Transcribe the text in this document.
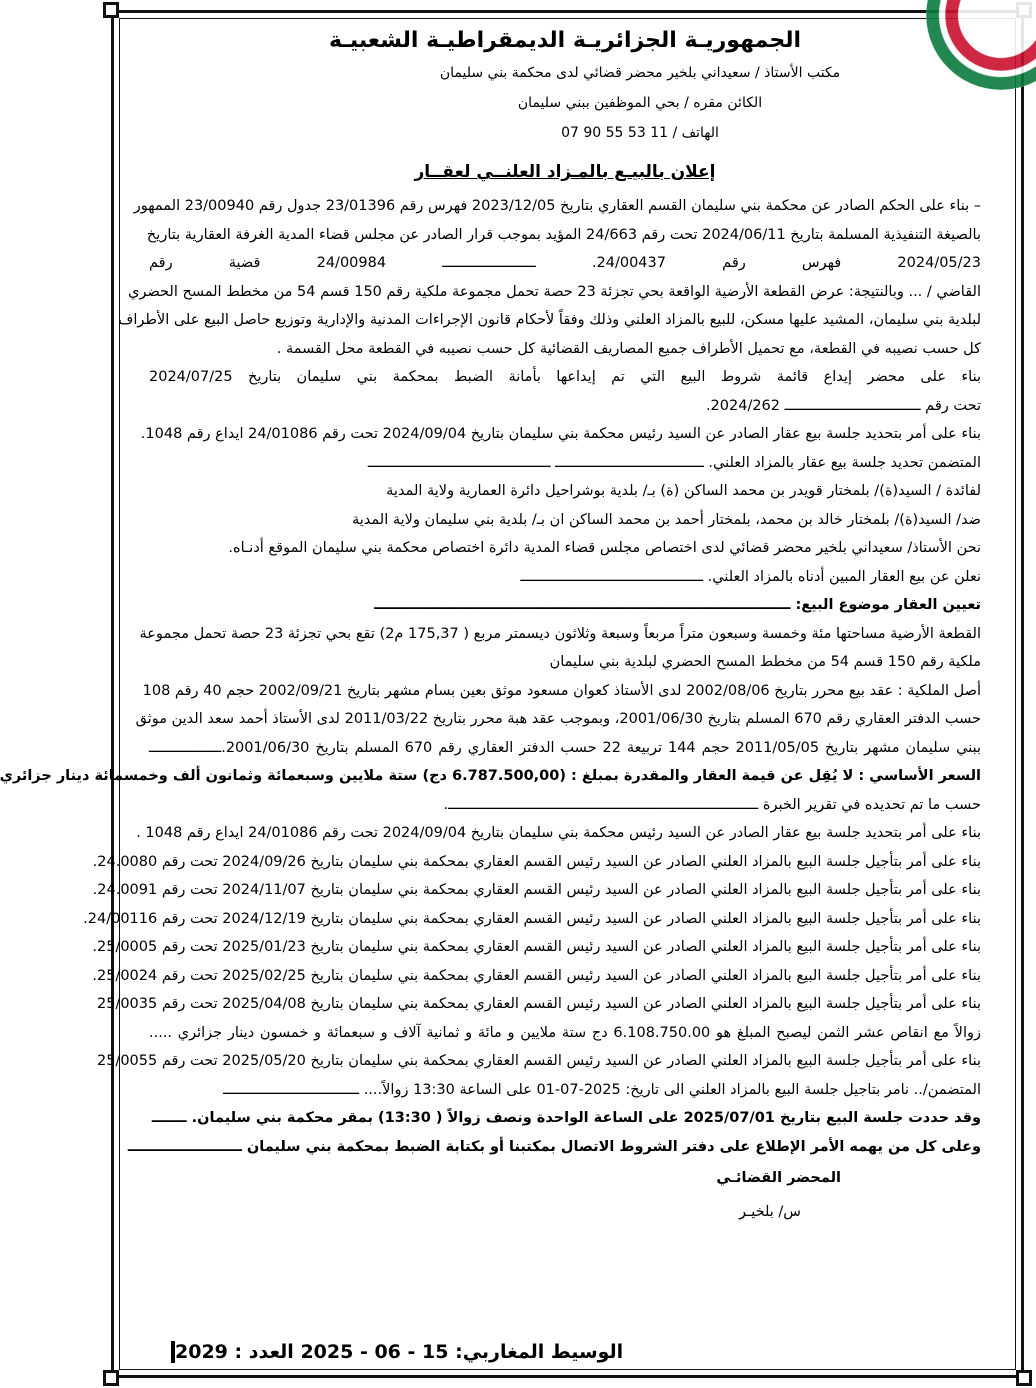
الجمهوريـة الجزائريـة الديمقراطيـة الشعبيـة
مكتب الأستاذ / سعيداني بلخير محضر قضائي لدى محكمة بني سليمان
الكائن مقره / بحي الموظفين ببني سليمان
الهاتف / 11 53 55 90 07
إعلان بالبيـع بالمـزاد العلنــي لعقــار
– بناء على الحكم الصادر عن محكمة بني سليمان القسم العقاري بتاريخ 2023/12/05 فهرس رقم 23/01396 جدول رقم 23/00940 الممهور
بالصيغة التنفيذية المسلمة بتاريخ 2024/06/11 تحت رقم 24/663 المؤيد بموجب قرار الصادر عن مجلس قضاء المدية الغرفة العقارية بتاريخ
2024/05/23 فهرس رقم 24/00437. ــــــــــــــــــــــ 24/00984 قضية رقم
القاضي / ... وبالنتيجة: عرض القطعة الأرضية الواقعة بحي تجزئة 23 حصة تحمل مجموعة ملكية رقم 150 قسم 54 من مخطط المسح الحضري
لبلدية بني سليمان، المشيد عليها مسكن، للبيع بالمزاد العلني وذلك وفقاً لأحكام قانون الإجراءات المدنية والإدارية وتوزيع حاصل البيع على الأطراف
كل حسب نصيبه في القطعة، مع تحميل الأطراف جميع المصاريف القضائية كل حسب نصيبه في القطعة محل القسمة .
بناء على محضر إيداع قائمة شروط البيع التي تم إيداعها بأمانة الضبط بمحكمة بني سليمان بتاريخ 2024/07/25
تحت رقم ــــــــــــــــــــــــــــــــ 2024/262.
بناء على أمر بتحديد جلسة بيع عقار الصادر عن السيد رئيس محكمة بني سليمان بتاريخ 2024/09/04 تحت رقم 24/01086 ايداع رقم 1048.
المتضمن تحديد جلسة بيع عقار بالمزاد العلني. ـــــــــــــــــــــــــــــــــــ ـــــــــــــــــــــــــــــــــــــــــــ
لفائدة / السيد(ة)/ بلمختار قويدر بن محمد الساكن (ة) بـ/ بلدية بوشراحيل دائرة العمارية ولاية المدية
ضد/ السيد(ة)/ بلمختار خالد بن محمد، بلمختار أحمد بن محمد الساكن ان بـ/ بلدية بني سليمان ولاية المدية
نحن الأستاذ/ سعيداني بلخير محضر قضائي لدى اختصاص مجلس قضاء المدية دائرة اختصاص محكمة بني سليمان الموقع أدنـاه.
نعلن عن بيع العقار المبين أدناه بالمزاد العلني. ـــــــــــــــــــــــــــــــــــــــــــ
تعيين العقار موضوع البيع: ــــــــــــــــــــــــــــــــــــــــــــــــــــــــــــــــــــــــــــــــــــ
القطعة الأرضية مساحتها مئة وخمسة وسبعون متراً مربعاً وسبعة وثلاثون ديسمتر مربع ( 175,37 م2) تقع بحي تجزئة 23 حصة تحمل مجموعة
ملكية رقم 150 قسم 54 من مخطط المسح الحضري لبلدية بني سليمان
أصل الملكية : عقد بيع محرر بتاريخ 2002/08/06 لدى الأستاذ كعوان مسعود موثق بعين بسام مشهر بتاريخ 2002/09/21 حجم 40 رقم 108
حسب الدفتر العقاري رقم 670 المسلم بتاريخ 2001/06/30، وبموجب عقد هبة محرر بتاريخ 2011/03/22 لدى الأستاذ أحمد سعد الدين موثق
ببني سليمان مشهر بتاريخ 2011/05/05 حجم 144 تربيعة 22 حسب الدفتر العقاري رقم 670 المسلم بتاريخ 2001/06/30.ـــــــــــــــــ
السعر الأساسي : لا يُقِل عن قيمة العقار والمقدرة بمبلغ : (6.787.500,00 دج) ستة ملايين وسبعمائة وثمانون ألف وخمسمائة دينار جزائري
حسب ما تم تحديده في تقرير الخبرة ـــــــــــــــــــــــــــــــــــــــــــــــــــــــــــــــــــــــــ.
بناء على أمر بتحديد جلسة بيع عقار الصادر عن السيد رئيس محكمة بني سليمان بتاريخ 2024/09/04 تحت رقم 24/01086 ايداع رقم 1048 .
بناء على أمر بتأجيل جلسة البيع بالمزاد العلني الصادر عن السيد رئيس القسم العقاري بمحكمة بني سليمان بتاريخ 2024/09/26 تحت رقم 24.0080.
بناء على أمر بتأجيل جلسة البيع بالمزاد العلني الصادر عن السيد رئيس القسم العقاري بمحكمة بني سليمان بتاريخ 2024/11/07 تحت رقم 24.0091.
بناء على أمر بتأجيل جلسة البيع بالمزاد العلني الصادر عن السيد رئيس القسم العقاري بمحكمة بني سليمان بتاريخ 2024/12/19 تحت رقم 24/00116.
بناء على أمر بتأجيل جلسة البيع بالمزاد العلني الصادر عن السيد رئيس القسم العقاري بمحكمة بني سليمان بتاريخ 2025/01/23 تحت رقم 25/0005.
بناء على أمر بتأجيل جلسة البيع بالمزاد العلني الصادر عن السيد رئيس القسم العقاري بمحكمة بني سليمان بتاريخ 2025/02/25 تحت رقم 25/0024.
بناء على أمر بتأجيل جلسة البيع بالمزاد العلني الصادر عن السيد رئيس القسم العقاري بمحكمة بني سليمان بتاريخ 2025/04/08 تحت رقم 25/0035
زوالاً مع انقاص عشر الثمن ليصبح المبلغ هو 6.108.750.00 دج ستة ملايين و مائة و ثمانية آلاف و سبعمائة و خمسون دينار جزائري .....
بناء على أمر بتأجيل جلسة البيع بالمزاد العلني الصادر عن السيد رئيس القسم العقاري بمحكمة بني سليمان بتاريخ 2025/05/20 تحت رقم 25/0055
المتضمن/.. نامر بتاجيل جلسة البيع بالمزاد العلني الى تاريخ: 2025-07-01 على الساعة 13:30 زوالاً.... ــــــــــــــــــــــــــــــــ
وقد حددت جلسة البيع بتاريخ 2025/07/01 على الساعة الواحدة ونصف زوالاً ( 13:30) بمقر محكمة بني سليمان. ـــــــ
وعلى كل من يهمه الأمر الإطلاع على دفتر الشروط الاتصال بمكتبنا أو بكتابة الضبط بمحكمة بني سليمان ـــــــــــــــــــــــ
المحضر القضائـي
س/ بلخيـر
الوسيط المغاربي: 15 - 06 - 2025 العدد : 2029
